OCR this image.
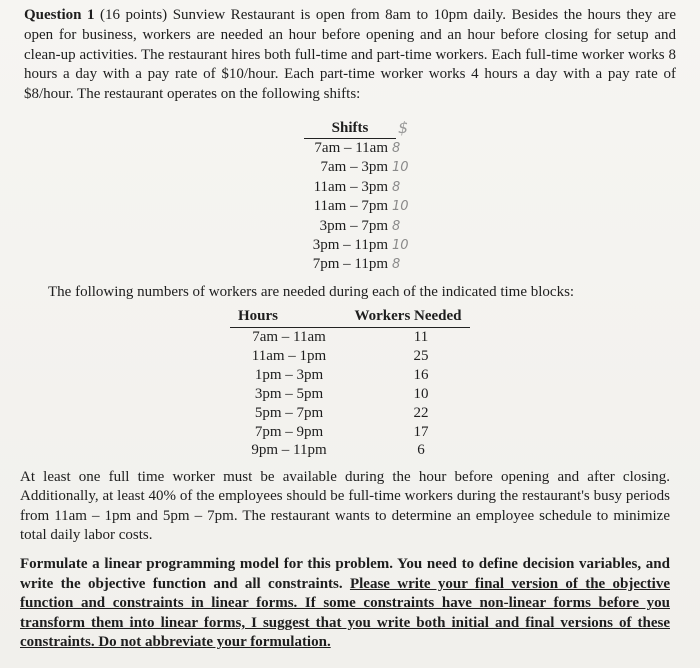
Question 1 (16 points) Sunview Restaurant is open from 8am to 10pm daily. Besides the hours they are open for business, workers are needed an hour before opening and an hour before closing for setup and clean-up activities. The restaurant hires both full-time and part-time workers. Each full-time worker works 8 hours a day with a pay rate of $10/hour. Each part-time worker works 4 hours a day with a pay rate of $8/hour. The restaurant operates on the following shifts:

Shifts	$
7am – 11am 8
7am – 3pm 10
11am – 3pm 8
11am – 7pm 10
3pm – 7pm 8
3pm – 11pm 10
7pm – 11pm 8

The following numbers of workers are needed during each of the indicated time blocks:

Hours	Workers Needed
7am – 11am	11
11am – 1pm	25
1pm – 3pm	16
3pm – 5pm	10
5pm – 7pm	22
7pm – 9pm	17
9pm – 11pm	6

At least one full time worker must be available during the hour before opening and after closing. Additionally, at least 40% of the employees should be full-time workers during the restaurant's busy periods from 11am – 1pm and 5pm – 7pm. The restaurant wants to determine an employee schedule to minimize total daily labor costs.

Formulate a linear programming model for this problem. You need to define decision variables, and write the objective function and all constraints. Please write your final version of the objective function and constraints in linear forms. If some constraints have non-linear forms before you transform them into linear forms, I suggest that you write both initial and final versions of these constraints. Do not abbreviate your formulation.
